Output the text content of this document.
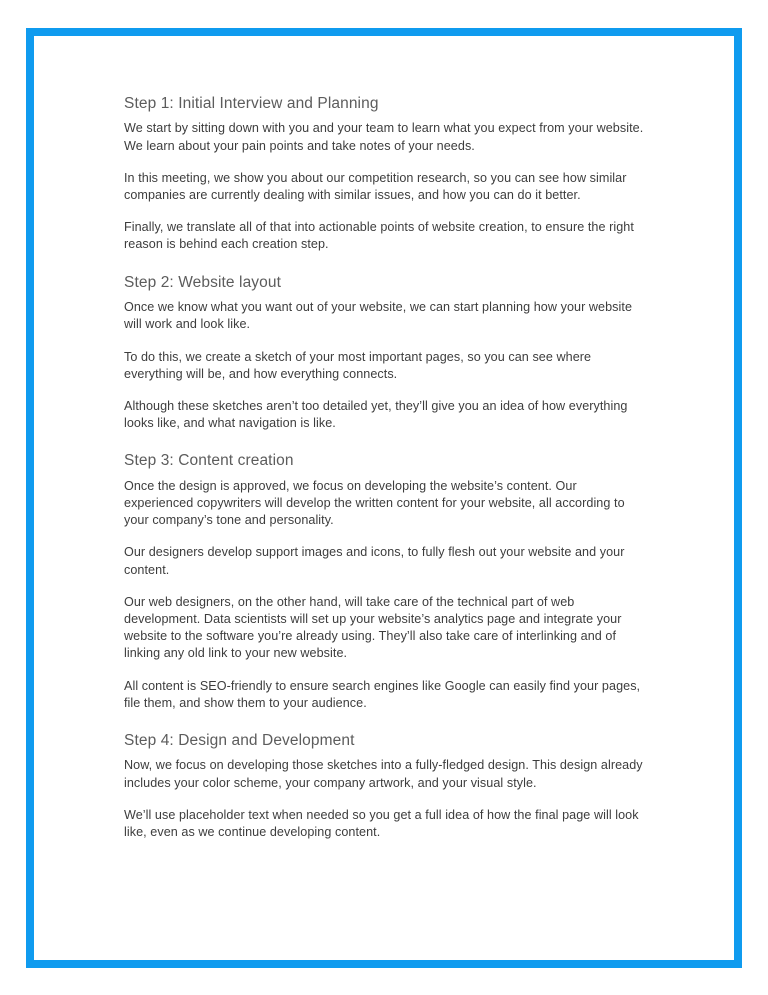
Step 1: Initial Interview and Planning

We start by sitting down with you and your team to learn what you expect from your website. We learn about your pain points and take notes of your needs.

In this meeting, we show you about our competition research, so you can see how similar companies are currently dealing with similar issues, and how you can do it better.

Finally, we translate all of that into actionable points of website creation, to ensure the right reason is behind each creation step.

Step 2: Website layout

Once we know what you want out of your website, we can start planning how your website will work and look like.

To do this, we create a sketch of your most important pages, so you can see where everything will be, and how everything connects.

Although these sketches aren’t too detailed yet, they’ll give you an idea of how everything looks like, and what navigation is like.

Step 3: Content creation

Once the design is approved, we focus on developing the website’s content. Our experienced copywriters will develop the written content for your website, all according to your company’s tone and personality.

Our designers develop support images and icons, to fully flesh out your website and your content.

Our web designers, on the other hand, will take care of the technical part of web development. Data scientists will set up your website’s analytics page and integrate your website to the software you’re already using. They’ll also take care of interlinking and of linking any old link to your new website.

All content is SEO-friendly to ensure search engines like Google can easily find your pages, file them, and show them to your audience.

Step 4: Design and Development

Now, we focus on developing those sketches into a fully-fledged design. This design already includes your color scheme, your company artwork, and your visual style.

We’ll use placeholder text when needed so you get a full idea of how the final page will look like, even as we continue developing content.
